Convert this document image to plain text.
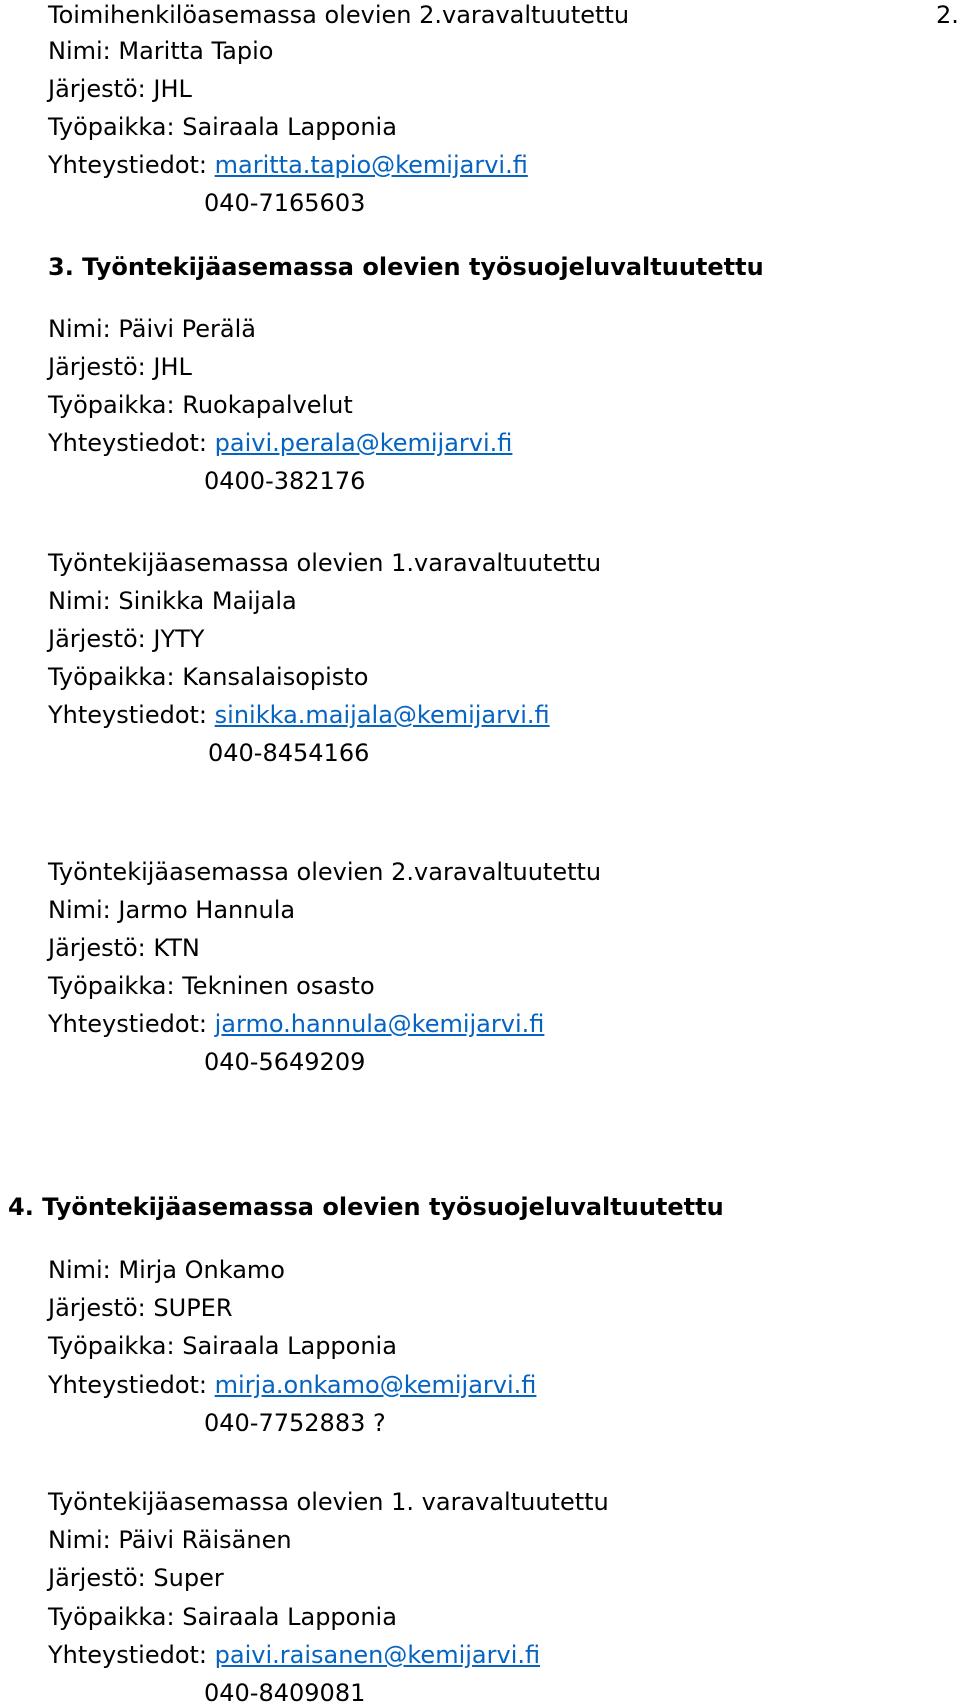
Toimihenkilöasemassa olevien 2.varavaltuutettu	2.
Nimi: Maritta Tapio
Järjestö: JHL
Työpaikka: Sairaala Lapponia
Yhteystiedot: maritta.tapio@kemijarvi.fi
040-7165603
3. Työntekijäasemassa olevien työsuojeluvaltuutettu
Nimi: Päivi Perälä
Järjestö: JHL
Työpaikka: Ruokapalvelut
Yhteystiedot: paivi.perala@kemijarvi.fi
0400-382176
Työntekijäasemassa olevien 1.varavaltuutettu
Nimi: Sinikka Maijala
Järjestö: JYTY
Työpaikka: Kansalaisopisto
Yhteystiedot: sinikka.maijala@kemijarvi.fi
040-8454166
Työntekijäasemassa olevien 2.varavaltuutettu
Nimi: Jarmo Hannula
Järjestö: KTN
Työpaikka: Tekninen osasto
Yhteystiedot: jarmo.hannula@kemijarvi.fi
040-5649209
4. Työntekijäasemassa olevien työsuojeluvaltuutettu
Nimi: Mirja Onkamo
Järjestö: SUPER
Työpaikka: Sairaala Lapponia
Yhteystiedot: mirja.onkamo@kemijarvi.fi
040-7752883 ?
Työntekijäasemassa olevien 1. varavaltuutettu
Nimi: Päivi Räisänen
Järjestö: Super
Työpaikka: Sairaala Lapponia
Yhteystiedot: paivi.raisanen@kemijarvi.fi
040-8409081
